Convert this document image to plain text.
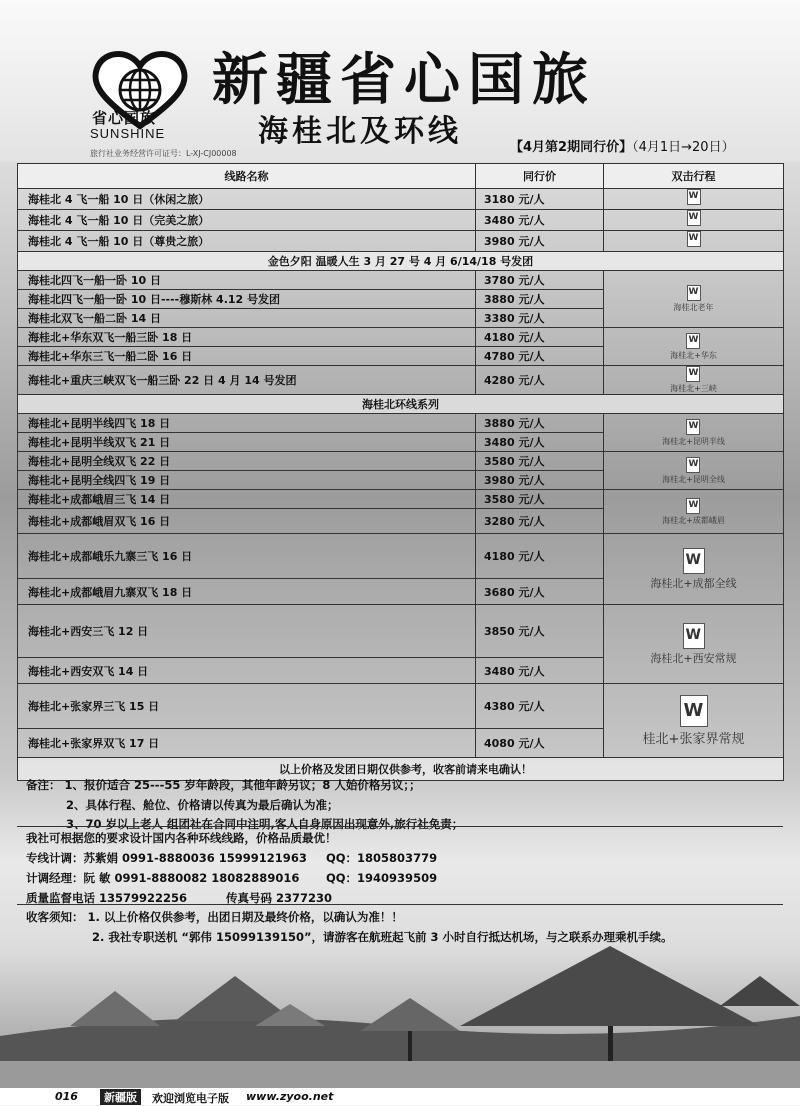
省心国旅
SUNSHINE
旅行社业务经营许可证号：L-XJ-CJ00008
新疆省心国旅
海桂北及环线	【4月第2期同行价】（4月1日→20日）
线路名称	同行价	双击行程
海桂北 4 飞一船 10 日（休闲之旅）	3180 元/人	
W

海桂北 4 飞一船 10 日（完美之旅）	3480 元/人	
W

海桂北 4 飞一船 10 日（尊贵之旅）	3980 元/人	
W

金色夕阳 温暖人生 3 月 27 号 4 月 6/14/18 号发团		
海桂北四飞一船一卧 10 日	3780 元/人	
W
海桂北老年
海桂北四飞一船一卧 10 日----穆斯林 4.12 号发团	3880 元/人	
海桂北双飞一船二卧 14 日	3380 元/人	
海桂北+华东双飞一船三卧 18 日	4180 元/人	
W
海桂北+华东
海桂北+华东三飞一船二卧 16 日	4780 元/人	
海桂北+重庆三峡双飞一船三卧 22 日 4 月 14 号发团	4280 元/人	
W
海桂北+三峡
海桂北环线系列		
海桂北+昆明半线四飞 18 日	3880 元/人	
W
海桂北+昆明半线
海桂北+昆明半线双飞 21 日	3480 元/人	
海桂北+昆明全线双飞 22 日	3580 元/人	
W
海桂北+昆明全线
海桂北+昆明全线四飞 19 日	3980 元/人	
海桂北+成都峨眉三飞 14 日	3580 元/人	
W
海桂北+成都峨眉
海桂北+成都峨眉双飞 16 日	3280 元/人	
海桂北+成都峨乐九寨三飞 16 日	4180 元/人	
W
海桂北+成都全线
海桂北+成都峨眉九寨双飞 18 日	3680 元/人	
海桂北+西安三飞 12 日	3850 元/人	
W
海桂北+西安常规
海桂北+西安双飞 14 日	3480 元/人	
海桂北+张家界三飞 15 日	4380 元/人	
W
桂北+张家界常规
海桂北+张家界双飞 17 日	4080 元/人	
以上价格及发团日期仅供参考，收客前请来电确认！		
备注： 1、报价适合 25---55 岁年龄段，其他年龄另议；8 人始价格另议；；
2、具体行程、舱位、价格请以传真为最后确认为准；
3、70 岁以上老人 组团社在合同中注明,客人自身原因出现意外,旅行社免责；
我社可根据您的要求设计国内各种环线线路，价格品质最优！
专线计调：苏紫娟 0991-8880036 15999121963 QQ：1805803779
计调经理：阮 敏 0991-8880082 18082889016 QQ：1940939509
质量监督电话 13579922256	传真号码 2377230
收客须知： 1. 以上价格仅供参考，出团日期及最终价格，以确认为准！！
2. 我社专职送机 “郭伟 15099139150”，请游客在航班起飞前 3 小时自行抵达机场，与之联系办理乘机手续。
016	新疆版	欢迎浏览电子版 www.zyoo.net
